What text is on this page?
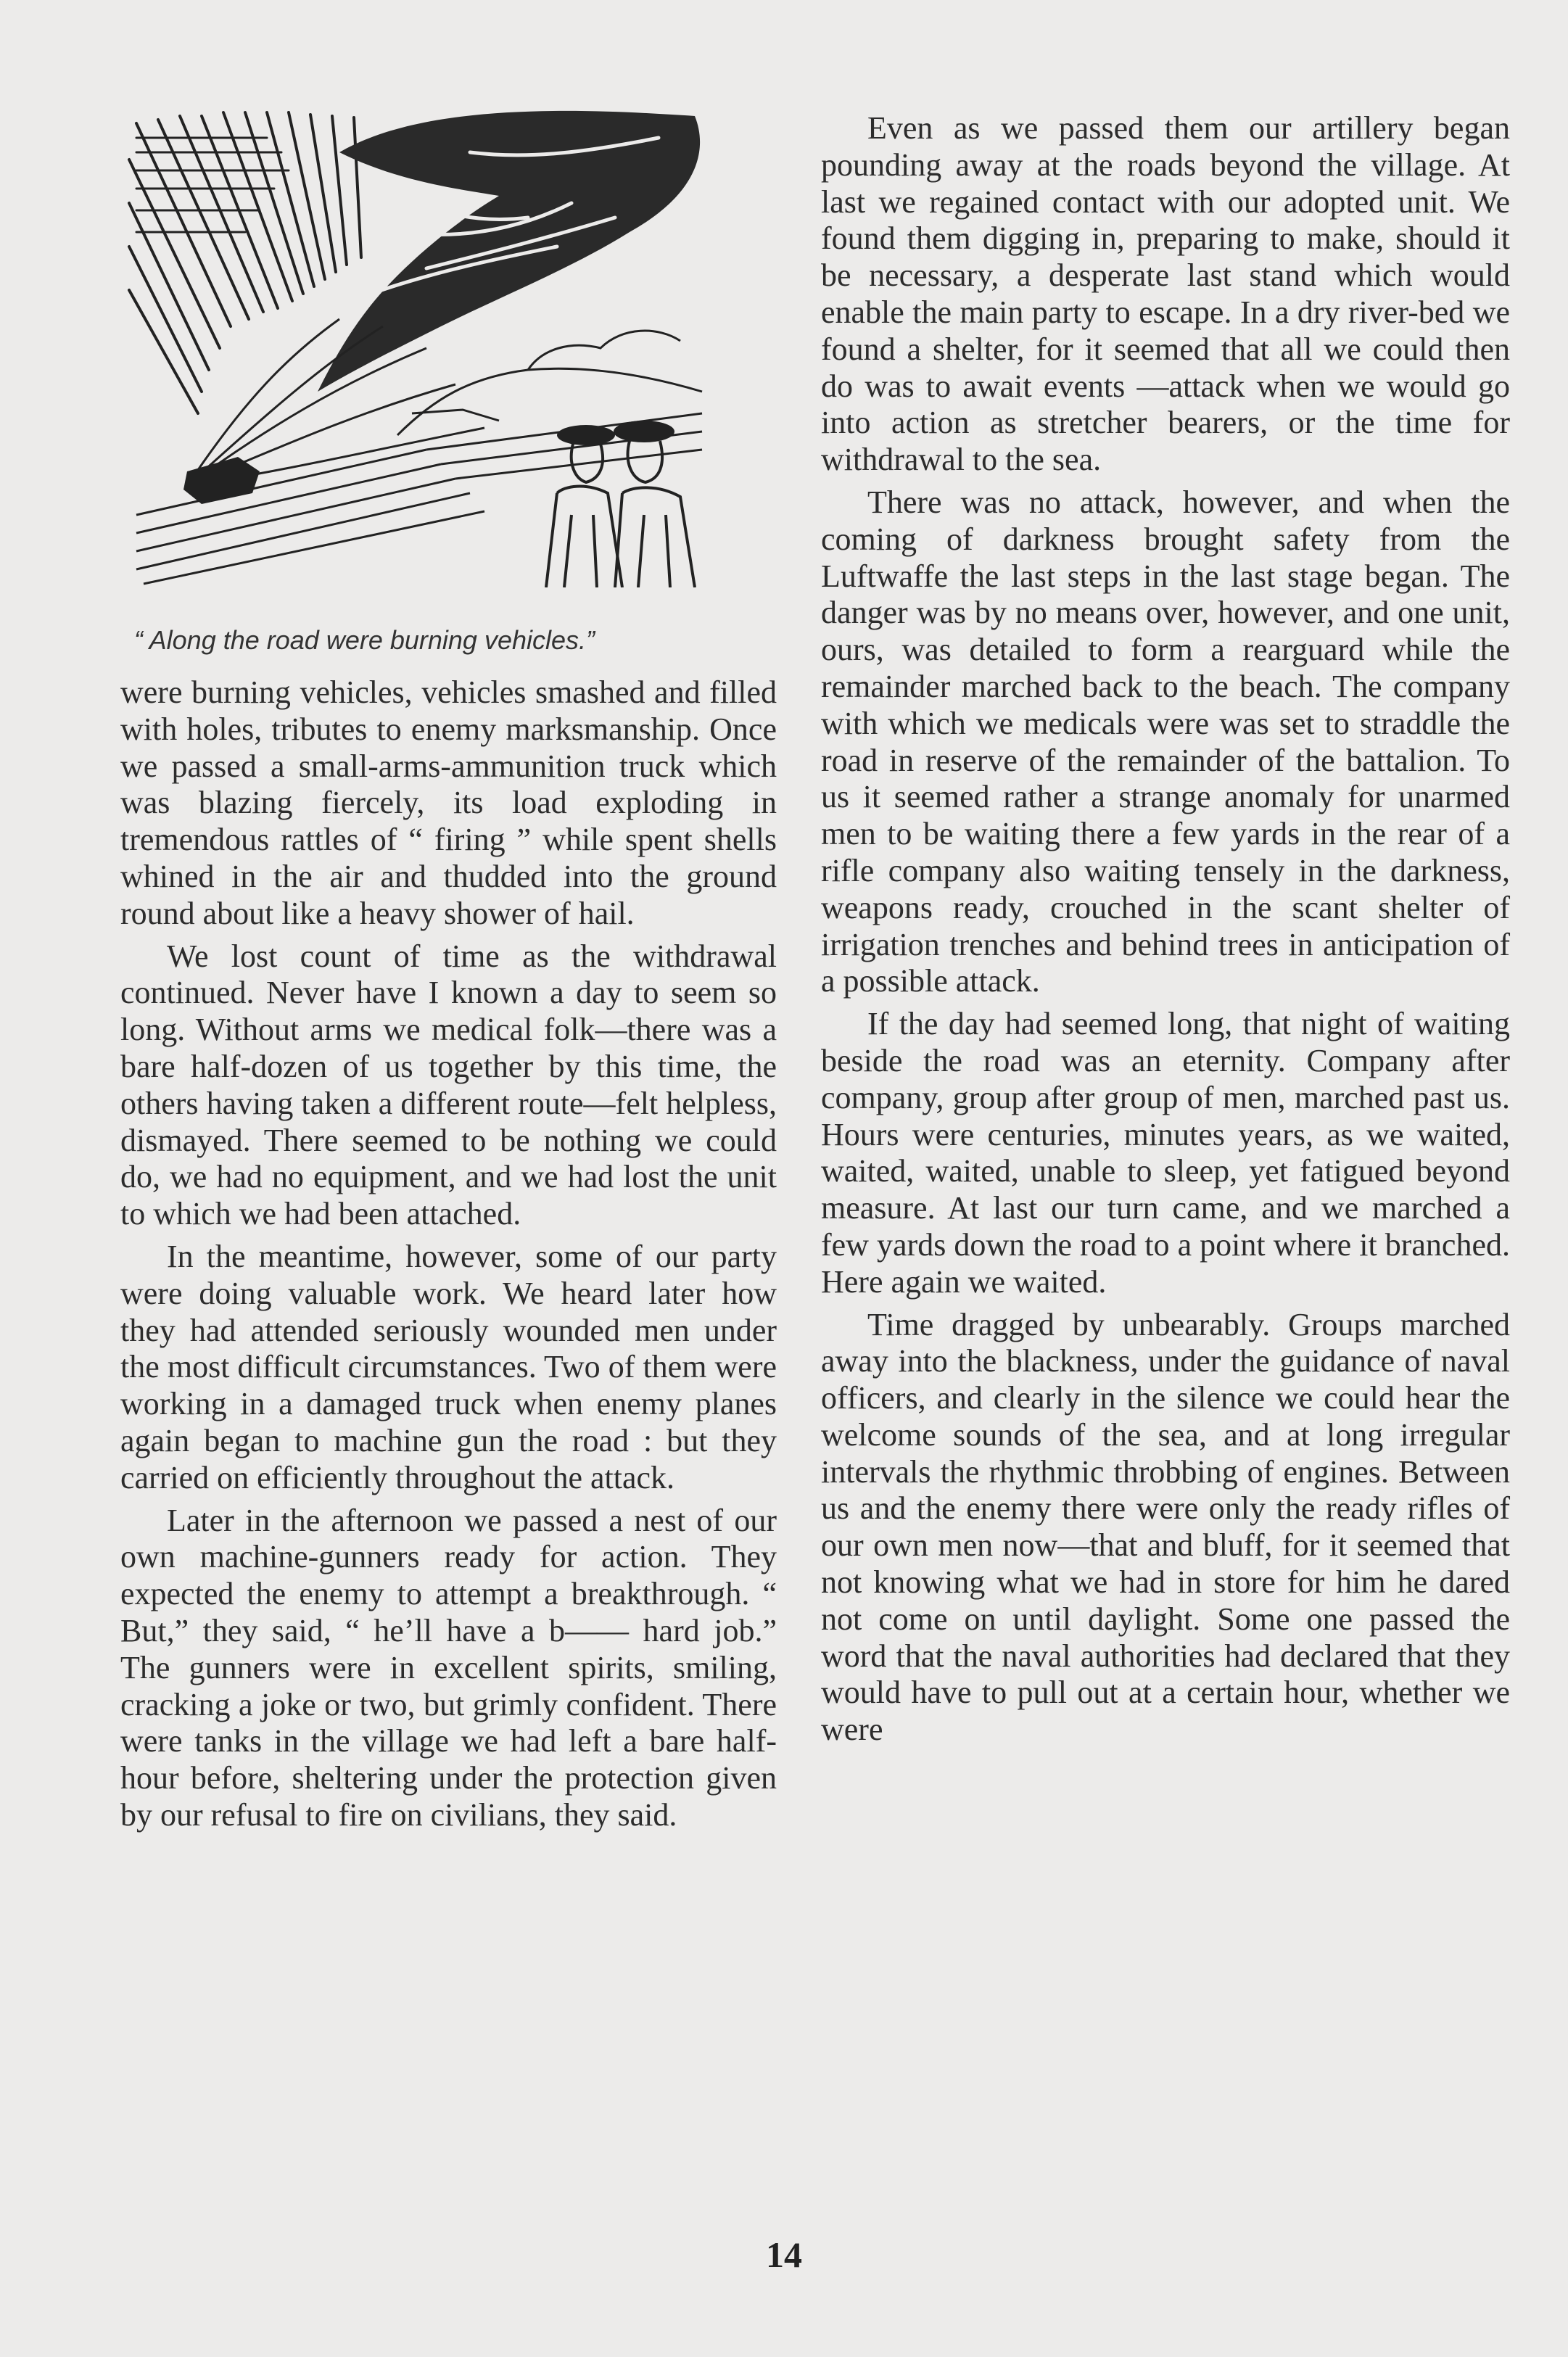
“ Along the road were burning vehicles.”

were burning vehicles, vehicles smashed and filled with holes, tributes to enemy marksmanship. Once we passed a small-arms-ammunition truck which was blazing fiercely, its load exploding in tremendous rattles of “ firing ” while spent shells whined in the air and thudded into the ground round about like a heavy shower of hail.

We lost count of time as the withdrawal continued. Never have I known a day to seem so long. Without arms we medical folk—there was a bare half-dozen of us together by this time, the others having taken a different route—felt helpless, dismayed. There seemed to be nothing we could do, we had no equipment, and we had lost the unit to which we had been attached.

In the meantime, however, some of our party were doing valuable work. We heard later how they had attended seriously wounded men under the most difficult circumstances. Two of them were working in a damaged truck when enemy planes again began to machine gun the road : but they carried on efficiently throughout the attack.

Later in the afternoon we passed a nest of our own machine-gunners ready for action. They expected the enemy to attempt a breakthrough. “ But,” they said, “ he’ll have a b—— hard job.” The gunners were in excellent spirits, smiling, cracking a joke or two, but grimly confident. There were tanks in the village we had left a bare half-hour before, sheltering under the protection given by our refusal to fire on civilians, they said.

Even as we passed them our artillery began pounding away at the roads beyond the village. At last we regained contact with our adopted unit. We found them digging in, preparing to make, should it be necessary, a desperate last stand which would enable the main party to escape. In a dry river-bed we found a shelter, for it seemed that all we could then do was to await events —attack when we would go into action as stretcher bearers, or the time for withdrawal to the sea.

There was no attack, however, and when the coming of darkness brought safety from the Luftwaffe the last steps in the last stage began. The danger was by no means over, however, and one unit, ours, was detailed to form a rearguard while the remainder marched back to the beach. The company with which we medicals were was set to straddle the road in reserve of the remainder of the battalion. To us it seemed rather a strange anomaly for unarmed men to be waiting there a few yards in the rear of a rifle company also waiting tensely in the darkness, weapons ready, crouched in the scant shelter of irrigation trenches and behind trees in anticipation of a possible attack.

If the day had seemed long, that night of waiting beside the road was an eternity. Company after company, group after group of men, marched past us. Hours were centuries, minutes years, as we waited, waited, waited, unable to sleep, yet fatigued beyond measure. At last our turn came, and we marched a few yards down the road to a point where it branched. Here again we waited.

Time dragged by unbearably. Groups marched away into the blackness, under the guidance of naval officers, and clearly in the silence we could hear the welcome sounds of the sea, and at long irregular intervals the rhythmic throbbing of engines. Between us and the enemy there were only the ready rifles of our own men now—that and bluff, for it seemed that not knowing what we had in store for him he dared not come on until daylight. Some one passed the word that the naval authorities had declared that they would have to pull out at a certain hour, whether we were

14
